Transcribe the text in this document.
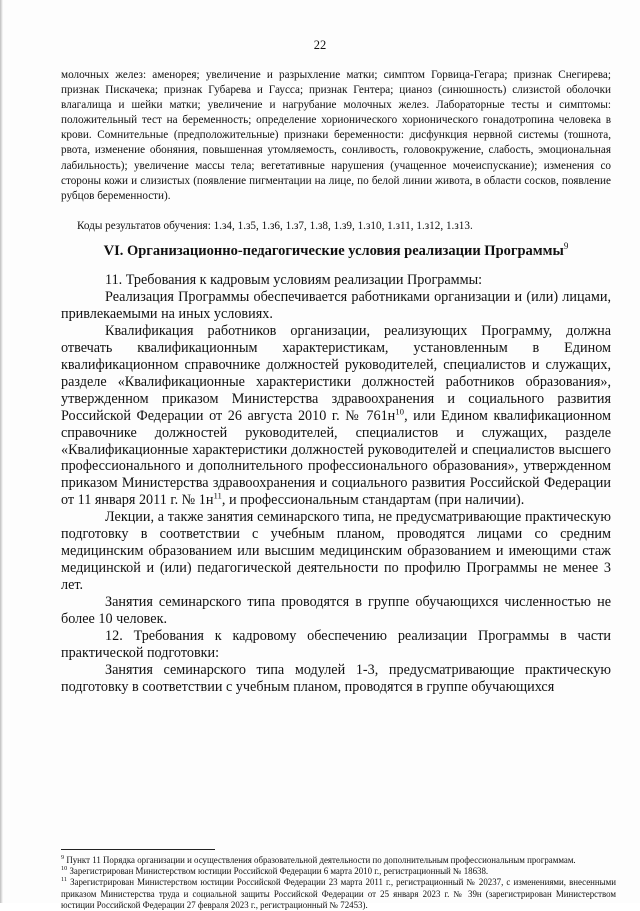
22

молочных желез: аменорея; увеличение и разрыхление матки; симптом Горвица-Гегара; признак Снегирева; признак Пискачека; признак Губарева и Гаусса; признак Гентера; цианоз (синюшность) слизистой оболочки влагалища и шейки матки; увеличение и нагрубание молочных желез. Лабораторные тесты и симптомы: положительный тест на беременность; определение хорионического хорионического гонадотропина человека в крови. Сомнительные (предположительные) признаки беременности: дисфункция нервной системы (тошнота, рвота, изменение обоняния, повышенная утомляемость, сонливость, головокружение, слабость, эмоциональная лабильность); увеличение массы тела; вегетативные нарушения (учащенное мочеиспускание); изменения со стороны кожи и слизистых (появление пигментации на лице, по белой линии живота, в области сосков, появление рубцов беременности).

Коды результатов обучения: 1.з4, 1.з5, 1.з6, 1.з7, 1.з8, 1.з9, 1.з10, 1.з11, 1.з12, 1.з13.

VI. Организационно-педагогические условия реализации Программы$^9$

11. Требования к кадровым условиям реализации Программы:

Реализация Программы обеспечивается работниками организации и (или) лицами, привлекаемыми на иных условиях.

Квалификация работников организации, реализующих Программу, должна отвечать квалификационным характеристикам, установленным в Едином квалификационном справочнике должностей руководителей, специалистов и служащих, разделе «Квалификационные характеристики должностей работников образования», утвержденном приказом Министерства здравоохранения и социального развития Российской Федерации от 26 августа 2010 г. № $761н^{10}$, или Едином квалификационном справочнике должностей руководителей, специалистов и служащих, разделе «Квалификационные характеристики должностей руководителей и специалистов высшего профессионального и дополнительного профессионального образования», утвержденном приказом Министерства здравоохранения и социального развития Российской Федерации от 11 января 2011 г. № $1н^{11}$, и профессиональным стандартам (при наличии).

Лекции, а также занятия семинарского типа, не предусматривающие практическую подготовку в соответствии с учебным планом, проводятся лицами со средним медицинским образованием или высшим медицинским образованием и имеющими стаж медицинской и (или) педагогической деятельности по профилю Программы не менее 3 лет.

Занятия семинарского типа проводятся в группе обучающихся численностью не более 10 человек.

12. Требования к кадровому обеспечению реализации Программы в части практической подготовки:

Занятия семинарского типа модулей 1-3, предусматривающие практическую подготовку в соответствии с учебным планом, проводятся в группе обучающихся

$^9$ Пункт 11 Порядка организации и осуществления образовательной деятельности по дополнительным профессиональным программам.

$^{10}$ Зарегистрирован Министерством юстиции Российской Федерации 6 марта 2010 г., регистрационный № 18638.

$^{11}$ Зарегистрирован Министерством юстиции Российской Федерации 23 марта 2011 г., регистрационный № 20237, с изменениями, внесенными приказом Министерства труда и социальной защиты Российской Федерации от 25 января 2023 г. № 39н (зарегистрирован Министерством юстиции Российской Федерации 27 февраля 2023 г., регистрационный № 72453).
